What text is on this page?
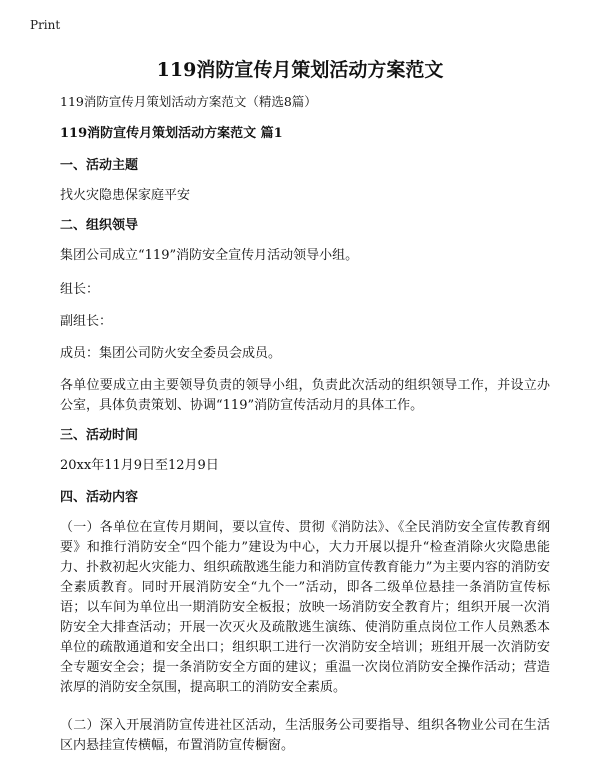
Print
119消防宣传月策划活动方案范文
119消防宣传月策划活动方案范文（精选8篇）
119消防宣传月策划活动方案范文 篇1
一、活动主题
找火灾隐患保家庭平安
二、组织领导
集团公司成立“119”消防安全宣传月活动领导小组。
组长：
副组长：
成员：集团公司防火安全委员会成员。
各单位要成立由主要领导负责的领导小组，负责此次活动的组织领导工作，并设立办公室，具体负责策划、协调“119”消防宣传活动月的具体工作。
三、活动时间
20xx年11月9日至12月9日
四、活动内容
（一）各单位在宣传月期间，要以宣传、贯彻《消防法》、《全民消防安全宣传教育纲要》和推行消防安全“四个能力”建设为中心，大力开展以提升“检查消除火灾隐患能力、扑救初起火灾能力、组织疏散逃生能力和消防宣传教育能力”为主要内容的消防安全素质教育。同时开展消防安全“九个一”活动，即各二级单位悬挂一条消防宣传标语；以车间为单位出一期消防安全板报；放映一场消防安全教育片；组织开展一次消防安全大排查活动；开展一次灭火及疏散逃生演练、使消防重点岗位工作人员熟悉本单位的疏散通道和安全出口；组织职工进行一次消防安全培训；班组开展一次消防安全专题安全会；提一条消防安全方面的建议；重温一次岗位消防安全操作活动；营造浓厚的消防安全氛围，提高职工的消防安全素质。
（二）深入开展消防宣传进社区活动，生活服务公司要指导、组织各物业公司在生活区内悬挂宣传横幅，布置消防宣传橱窗。
